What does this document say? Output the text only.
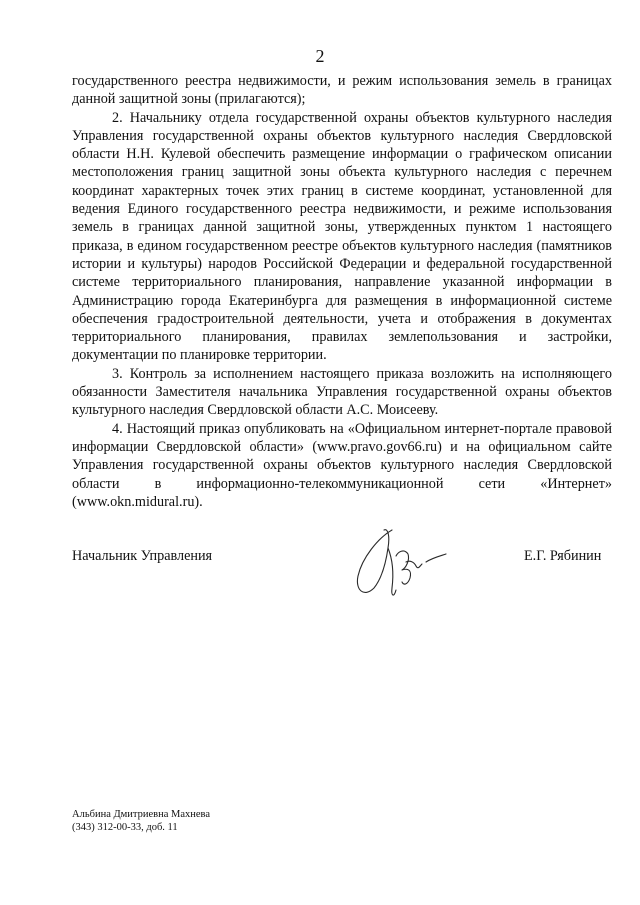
2

государственного реестра недвижимости, и режим использования земель в границах данной защитной зоны (прилагаются);

2. Начальнику отдела государственной охраны объектов культурного наследия Управления государственной охраны объектов культурного наследия Свердловской области Н.Н. Кулевой обеспечить размещение информации о графическом описании местоположения границ защитной зоны объекта культурного наследия с перечнем координат характерных точек этих границ в системе координат, установленной для ведения Единого государственного реестра недвижимости, и режиме использования земель в границах данной защитной зоны, утвержденных пунктом 1 настоящего приказа, в едином государственном реестре объектов культурного наследия (памятников истории и культуры) народов Российской Федерации и федеральной государственной системе территориального планирования, направление указанной информации в Администрацию города Екатеринбурга для размещения в информационной системе обеспечения градостроительной деятельности, учета и отображения в документах территориального планирования, правилах землепользования и застройки, документации по планировке территории.

3. Контроль за исполнением настоящего приказа возложить на исполняющего обязанности Заместителя начальника Управления государственной охраны объектов культурного наследия Свердловской области А.С. Моисееву.

4. Настоящий приказ опубликовать на «Официальном интернет-портале правовой информации Свердловской области» (www.pravo.gov66.ru) и на официальном сайте Управления государственной охраны объектов культурного наследия Свердловской области в информационно-телекоммуникационной сети «Интернет» (www.okn.midural.ru).

Начальник Управления	Е.Г. Рябинин
Альбина Дмитриевна Махнева
(343) 312-00-33, доб. 11
